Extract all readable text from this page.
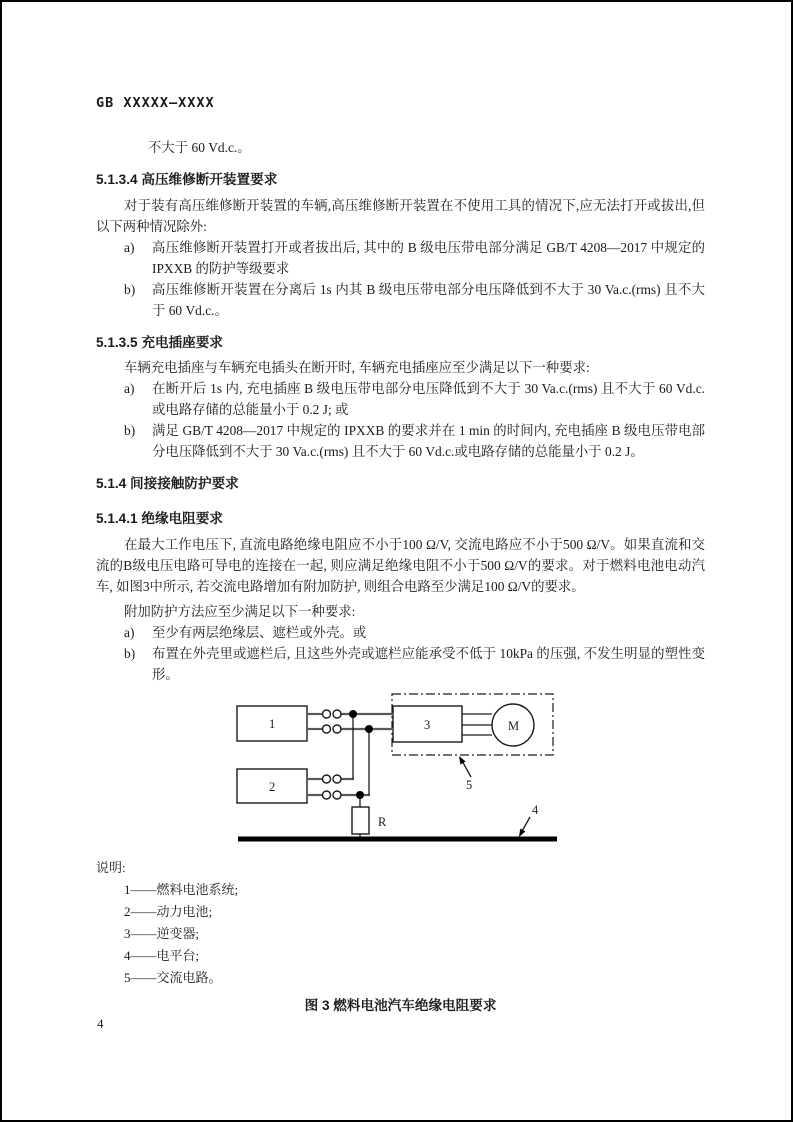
GB XXXXX—XXXX
不大于 60 Vd.c.。
5.1.3.4 高压维修断开装置要求
对于装有高压维修断开装置的车辆,高压维修断开装置在不使用工具的情况下,应无法打开或拔出,但以下两种情况除外:
a)	高压维修断开装置打开或者拔出后, 其中的 B 级电压带电部分满足 GB/T 4208—2017 中规定的 IPXXB 的防护等级要求
b)	高压维修断开装置在分离后 1s 内其 B 级电压带电部分电压降低到不大于 30 Va.c.(rms) 且不大于 60 Vd.c.。
5.1.3.5 充电插座要求
车辆充电插座与车辆充电插头在断开时, 车辆充电插座应至少满足以下一种要求:
a)	在断开后 1s 内, 充电插座 B 级电压带电部分电压降低到不大于 30 Va.c.(rms) 且不大于 60 Vd.c.或电路存储的总能量小于 0.2 J; 或
b)	满足 GB/T 4208—2017 中规定的 IPXXB 的要求并在 1 min 的时间内, 充电插座 B 级电压带电部分电压降低到不大于 30 Va.c.(rms) 且不大于 60 Vd.c.或电路存储的总能量小于 0.2 J。
5.1.4 间接接触防护要求
5.1.4.1 绝缘电阻要求
在最大工作电压下, 直流电路绝缘电阻应不小于100 Ω/V, 交流电路应不小于500 Ω/V。如果直流和交流的B级电压电路可导电的连接在一起, 则应满足绝缘电阻不小于500 Ω/V的要求。对于燃料电池电动汽车, 如图3中所示, 若交流电路增加有附加防护, 则组合电路至少满足100 Ω/V的要求。
附加防护方法应至少满足以下一种要求:
a)	至少有两层绝缘层、遮栏或外壳。或
b)	布置在外壳里或遮栏后, 且这些外壳或遮栏应能承受不低于 10kPa 的压强, 不发生明显的塑性变形。
1
2
3	M
R
5
4
说明:
1——燃料电池系统;
2——动力电池;
3——逆变器;
4——电平台;
5——交流电路。
图 3 燃料电池汽车绝缘电阻要求
4
